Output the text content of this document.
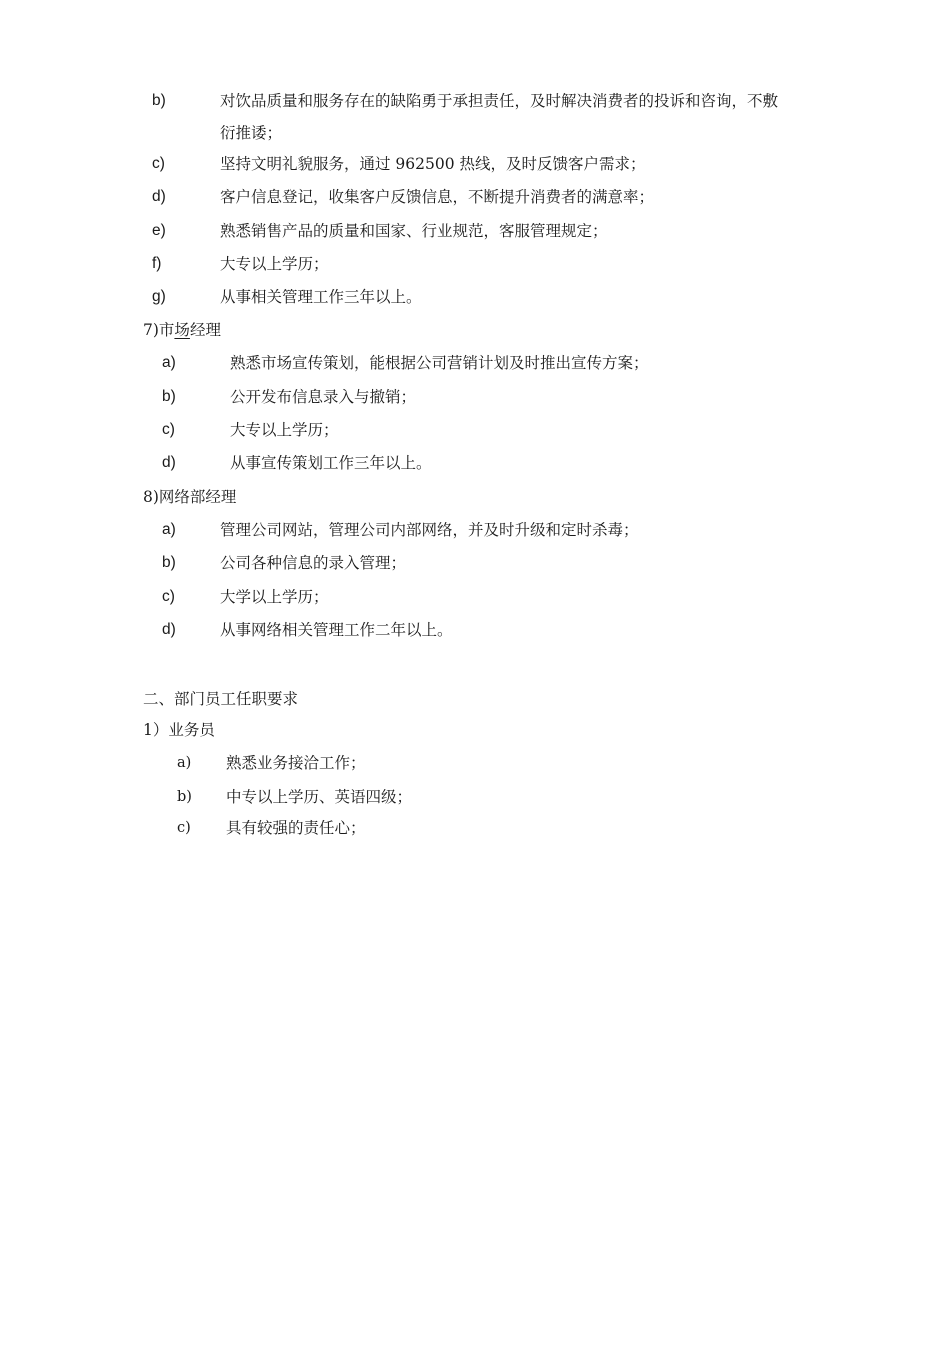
b)	对饮品质量和服务存在的缺陷勇于承担责任，及时解决消费者的投诉和咨询，不敷
衍推诿；
c)	坚持文明礼貌服务，通过 962500 热线，及时反馈客户需求；
d)	客户信息登记，收集客户反馈信息，不断提升消费者的满意率；
e)	熟悉销售产品的质量和国家、行业规范，客服管理规定；
f)	大专以上学历；
g)	从事相关管理工作三年以上。
7)市场经理
a)	熟悉市场宣传策划，能根据公司营销计划及时推出宣传方案；
b)	公开发布信息录入与撤销；
c)	大专以上学历；
d)	从事宣传策划工作三年以上。
8)网络部经理
a)	管理公司网站，管理公司内部网络，并及时升级和定时杀毒；
b)	公司各种信息的录入管理；
c)	大学以上学历；
d)	从事网络相关管理工作二年以上。
二、部门员工任职要求
1）业务员
a) 熟悉业务接洽工作；
b) 中专以上学历、英语四级；
c) 具有较强的责任心；
